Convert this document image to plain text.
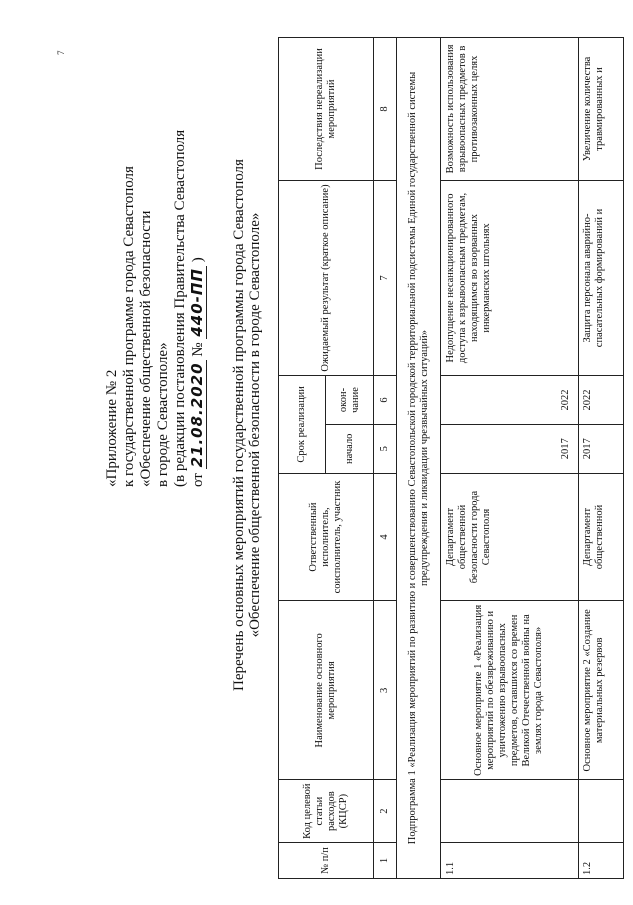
«Приложение № 2 к государственной программе города Севастополя «Обеспечение общественной безопасности в городе Севастополе» (в редакции постановления Правительства Севастополя от 21.08.2020 № 440-ПП ) Перечень основных мероприятий государственной программы города Севастополя «Обеспечение общественной безопасности в городе Севастополе»
№ п/п	Код целевой статьи расходов (КЦСР)	Наименование основного мероприятия	Ответственный исполнитель, соисполнитель, участник	Срок реализации		Ожидаемый результат (краткое описание)	Последствия нереализации мероприятий
				начало	окон-чание		
1	2	3	4	5	6	7	8
Подпрограмма 1 «Реализация мероприятий по развитию и совершенствованию Севастопольской городской территориальной подсистемы Единой государственной системы предупреждения и ликвидации чрезвычайных ситуаций»							
1.1		Основное мероприятие 1 «Реализация мероприятий по обезвреживанию и уничтожению взрывоопасных предметов, оставшихся со времен Великой Отечественной войны на землях города Севастополя»	Департамент общественной безопасности города Севастополя	2017	2022	Недопущение несанкционированного доступа к взрывоопасным предметам, находящимся во взорванных инкерманских штольнях	Возможность использования взрывоопасных предметов в противозаконных целях
1.2		Основное мероприятие 2 «Создание материальных резервов	Департамент общественной	2017	2022	Защита персонала аварийно-спасательных формирований и	Увеличение количества травмированных и
7
